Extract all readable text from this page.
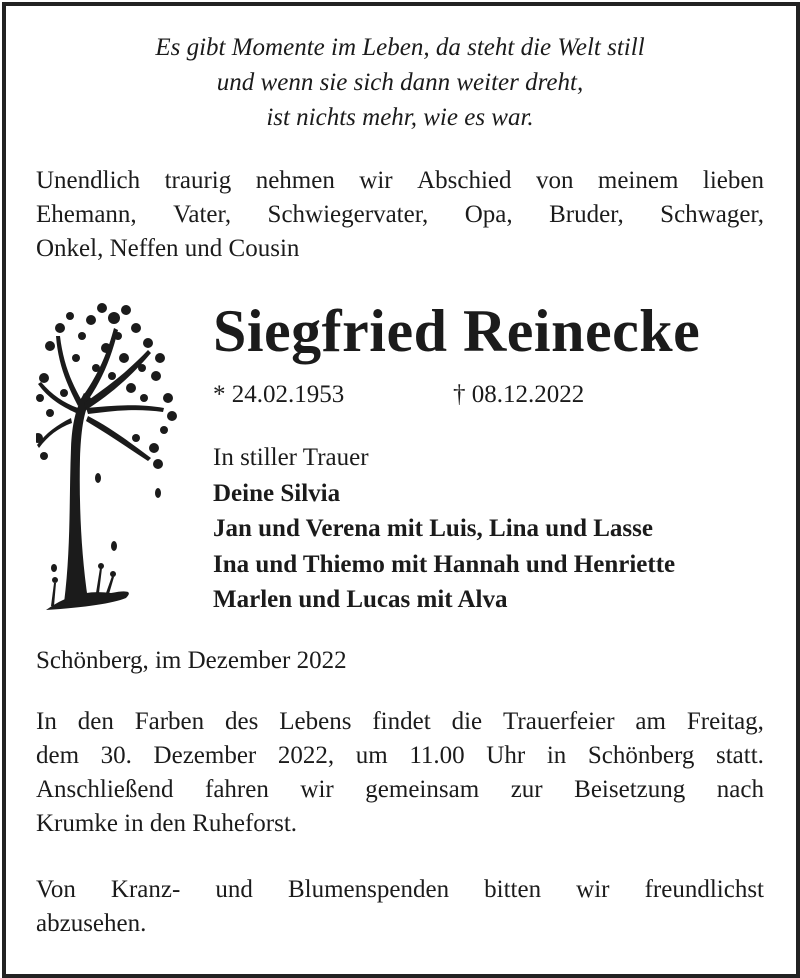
Es gibt Momente im Leben, da steht die Welt still
und wenn sie sich dann weiter dreht,
ist nichts mehr, wie es war.
Unendlich traurig nehmen wir Abschied von meinem lieben
Ehemann, Vater, Schwiegervater, Opa, Bruder, Schwager,
Onkel, Neffen und Cousin
Siegfried Reinecke
* 24.02.1953	† 08.12.2022
In stiller Trauer
Deine Silvia
Jan und Verena mit Luis, Lina und Lasse
Ina und Thiemo mit Hannah und Henriette
Marlen und Lucas mit Alva
Schönberg, im Dezember 2022
In den Farben des Lebens findet die Trauerfeier am Freitag,
dem 30. Dezember 2022, um 11.00 Uhr in Schönberg statt.
Anschließend fahren wir gemeinsam zur Beisetzung nach
Krumke in den Ruheforst.
Von Kranz- und Blumenspenden bitten wir freundlichst
abzusehen.
